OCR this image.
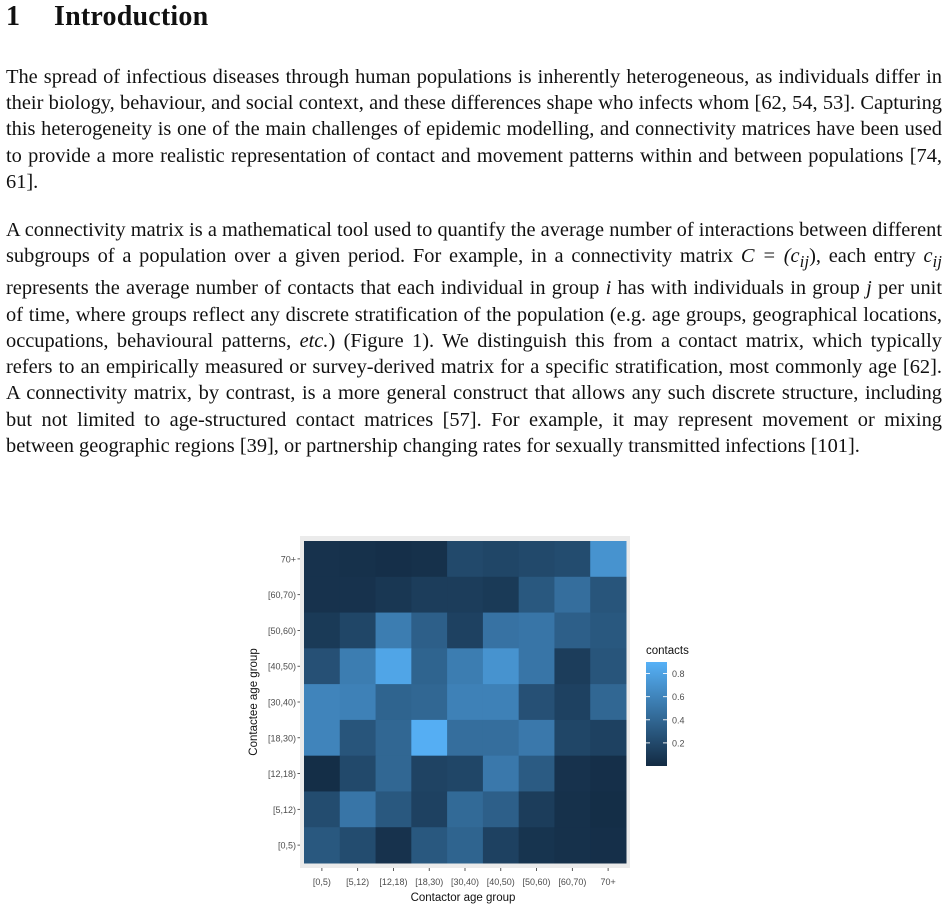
1 Introduction

The spread of infectious diseases through human populations is inherently heterogeneous, as individuals differ in their biology, behaviour, and social context, and these differences shape who infects whom [62, 54, 53]. Capturing this heterogeneity is one of the main challenges of epidemic modelling, and connectivity matrices have been used to provide a more realistic representation of contact and movement patterns within and between populations [74, 61].

A connectivity matrix is a mathematical tool used to quantify the average number of interactions between different subgroups of a population over a given period. For example, in a connectivity matrix $C = (c_{ij})$, each entry $c_{ij}$ represents the average number of contacts that each individual in group i has with individuals in group j per unit of time, where groups reflect any discrete stratification of the population (e.g. age groups, geographical locations, occupations, behavioural patterns, etc.) (Figure 1). We distinguish this from a contact matrix, which typically refers to an empirically measured or survey-derived matrix for a specific stratification, most commonly age [62]. A connectivity matrix, by contrast, is a more general construct that allows any such discrete structure, including but not limited to age-structured contact matrices [57]. For example, it may represent movement or mixing between geographic regions [39], or partnership changing rates for sexually transmitted infections [101].

[0,5)
[5,12)
[12,18)
[18,30)
[30,40)
[40,50)
[50,60)
[60,70)
70+
[0,5) [5,12) [12,18) [18,30) [30,40) [40,50) [50,60) [60,70) 70+
Contactor age group
Contactee age group	contacts
0.2
0.4
0.6
0.8
